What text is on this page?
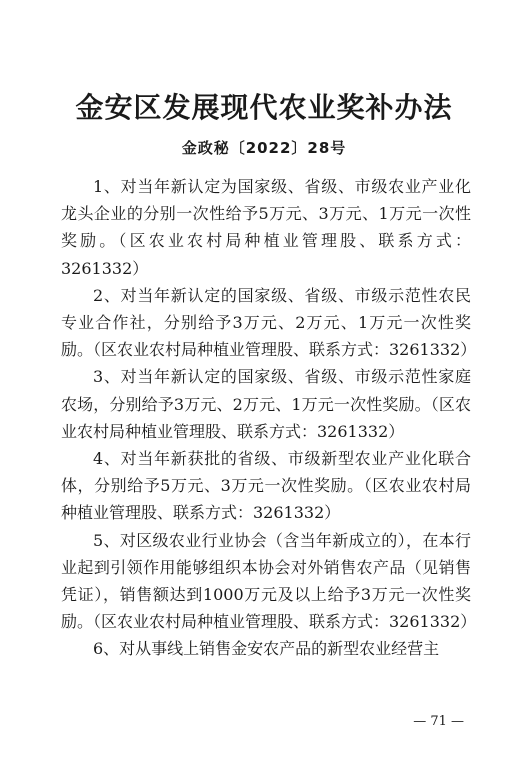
金安区发展现代农业奖补办法
金政秘〔2022〕28号

1、对当年新认定为国家级、省级、市级农业产业化龙头企业的分别一次性给予5万元、3万元、1万元一次性奖励。（区农业农村局种植业管理股、联系方式：3261332）

2、对当年新认定的国家级、省级、市级示范性农民专业合作社，分别给予3万元、2万元、1万元一次性奖励。（区农业农村局种植业管理股、联系方式：3261332）

3、对当年新认定的国家级、省级、市级示范性家庭农场，分别给予3万元、2万元、1万元一次性奖励。（区农业农村局种植业管理股、联系方式：3261332）

4、对当年新获批的省级、市级新型农业产业化联合体，分别给予5万元、3万元一次性奖励。（区农业农村局种植业管理股、联系方式：3261332）

5、对区级农业行业协会（含当年新成立的），在本行业起到引领作用能够组织本协会对外销售农产品（见销售凭证），销售额达到1000万元及以上给予3万元一次性奖励。（区农业农村局种植业管理股、联系方式：3261332）

6、对从事线上销售金安农产品的新型农业经营主

— 71 —
